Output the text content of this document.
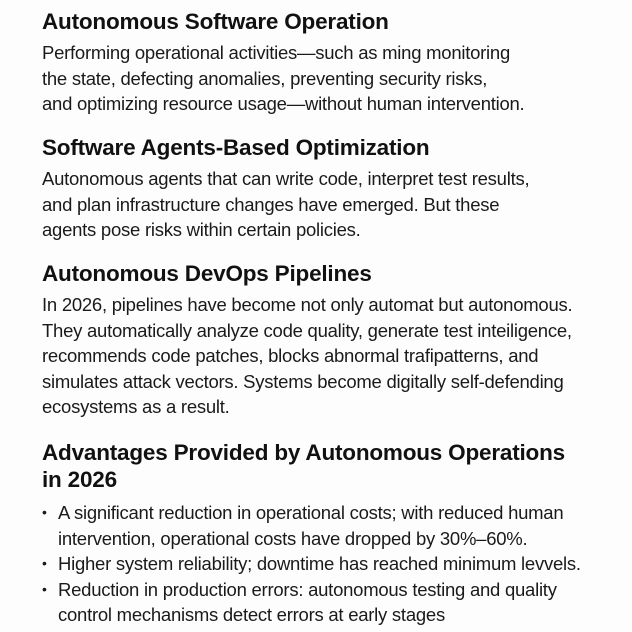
Autonomous Software Operation

Performing operational activities—such as ming monitoring
the state, defecting anomalies, preventing security risks,
and optimizing resource usage—without human intervention.

Software Agents-Based Optimization

Autonomous agents that can write code, interpret test results,
and plan infrastructure changes have emerged. But these
agents pose risks within certain policies.

Autonomous DevOps Pipelines

In 2026, pipelines have become not only automat but autonomous.
They automatically analyze code quality, generate test inteiligence,
recommends code patches, blocks abnormal trafipatterns, and
simulates attack vectors. Systems become digitally self-defending
ecosystems as a result.

Advantages Provided by Autonomous Operations
in 2026
• A significant reduction in operational costs; with reduced human
intervention, operational costs have dropped by 30%–60%.
• Higher system reliability; downtime has reached minimum levvels.
• Reduction in production errors: autonomous testing and quality
control mechanisms detect errors at early stages
